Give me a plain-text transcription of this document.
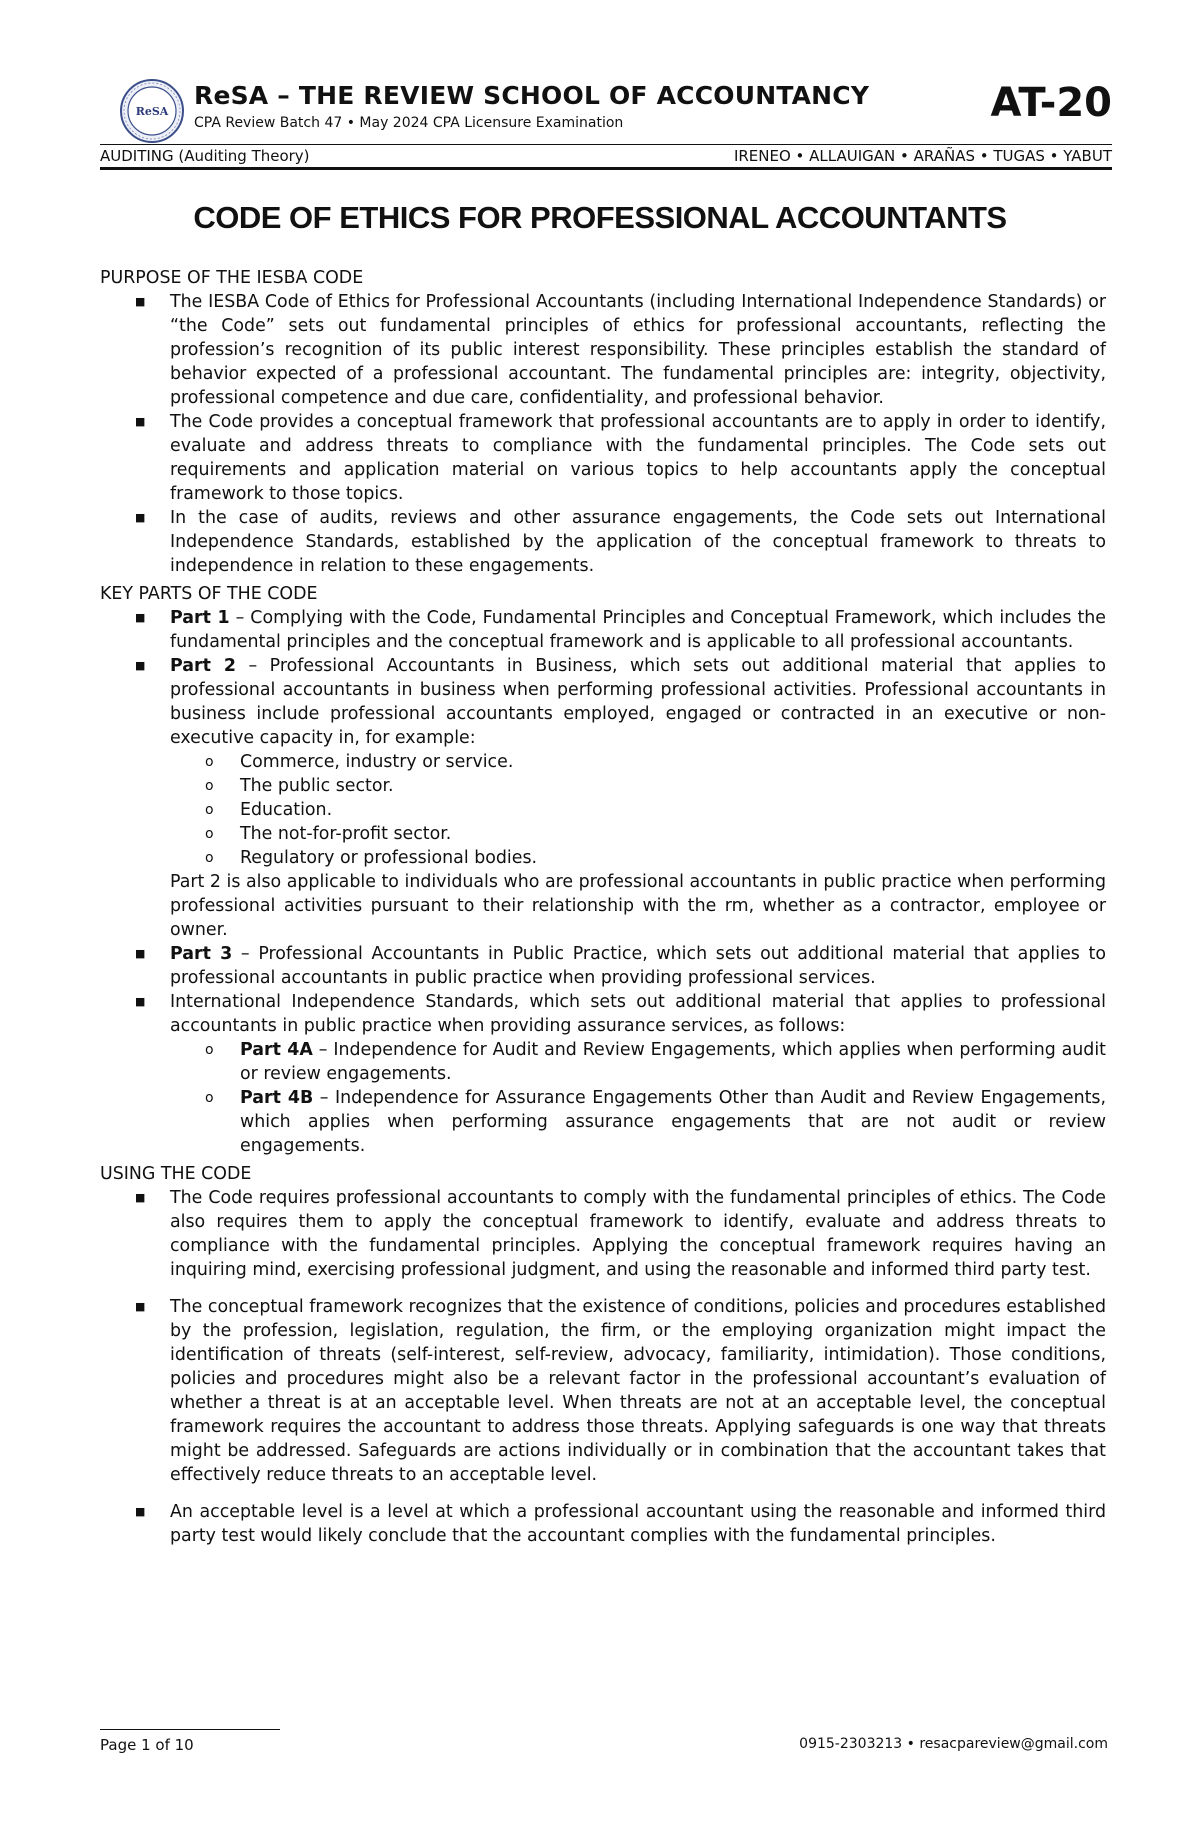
ReSA
ReSA – THE REVIEW SCHOOL OF ACCOUNTANCY
CPA Review Batch 47 • May 2024 CPA Licensure Examination	AT-20
AUDITING (Auditing Theory)	IRENEO • ALLAUIGAN • ARAÑAS • TUGAS • YABUT
CODE OF ETHICS FOR PROFESSIONAL ACCOUNTANTS
PURPOSE OF THE IESBA CODE
■ The IESBA Code of Ethics for Professional Accountants (including International Independence Standards) or “the Code” sets out fundamental principles of ethics for professional accountants, reflecting the profession’s recognition of its public interest responsibility. These principles establish the standard of behavior expected of a professional accountant. The fundamental principles are: integrity, objectivity, professional competence and due care, confidentiality, and professional behavior.
■ The Code provides a conceptual framework that professional accountants are to apply in order to identify, evaluate and address threats to compliance with the fundamental principles. The Code sets out requirements and application material on various topics to help accountants apply the conceptual framework to those topics.
■ In the case of audits, reviews and other assurance engagements, the Code sets out International Independence Standards, established by the application of the conceptual framework to threats to independence in relation to these engagements.
KEY PARTS OF THE CODE
■ Part 1 – Complying with the Code, Fundamental Principles and Conceptual Framework, which includes the fundamental principles and the conceptual framework and is applicable to all professional accountants.
■ Part 2 – Professional Accountants in Business, which sets out additional material that applies to professional accountants in business when performing professional activities. Professional accountants in business include professional accountants employed, engaged or contracted in an executive or non-executive capacity in, for example:
o Commerce, industry or service.
o The public sector.
o Education.
o The not-for-profit sector.
o Regulatory or professional bodies.
Part 2 is also applicable to individuals who are professional accountants in public practice when performing professional activities pursuant to their relationship with the rm, whether as a contractor, employee or owner.
■ Part 3 – Professional Accountants in Public Practice, which sets out additional material that applies to professional accountants in public practice when providing professional services.
■ International Independence Standards, which sets out additional material that applies to professional accountants in public practice when providing assurance services, as follows:
o Part 4A – Independence for Audit and Review Engagements, which applies when performing audit or review engagements.
o Part 4B – Independence for Assurance Engagements Other than Audit and Review Engagements, which applies when performing assurance engagements that are not audit or review engagements.
USING THE CODE
■ The Code requires professional accountants to comply with the fundamental principles of ethics. The Code also requires them to apply the conceptual framework to identify, evaluate and address threats to compliance with the fundamental principles. Applying the conceptual framework requires having an inquiring mind, exercising professional judgment, and using the reasonable and informed third party test.
■ The conceptual framework recognizes that the existence of conditions, policies and procedures established by the profession, legislation, regulation, the firm, or the employing organization might impact the identification of threats (self-interest, self-review, advocacy, familiarity, intimidation). Those conditions, policies and procedures might also be a relevant factor in the professional accountant’s evaluation of whether a threat is at an acceptable level. When threats are not at an acceptable level, the conceptual framework requires the accountant to address those threats. Applying safeguards is one way that threats might be addressed. Safeguards are actions individually or in combination that the accountant takes that effectively reduce threats to an acceptable level.
■ An acceptable level is a level at which a professional accountant using the reasonable and informed third party test would likely conclude that the accountant complies with the fundamental principles.
Page 1 of 10	0915-2303213 • resacpareview@gmail.com
